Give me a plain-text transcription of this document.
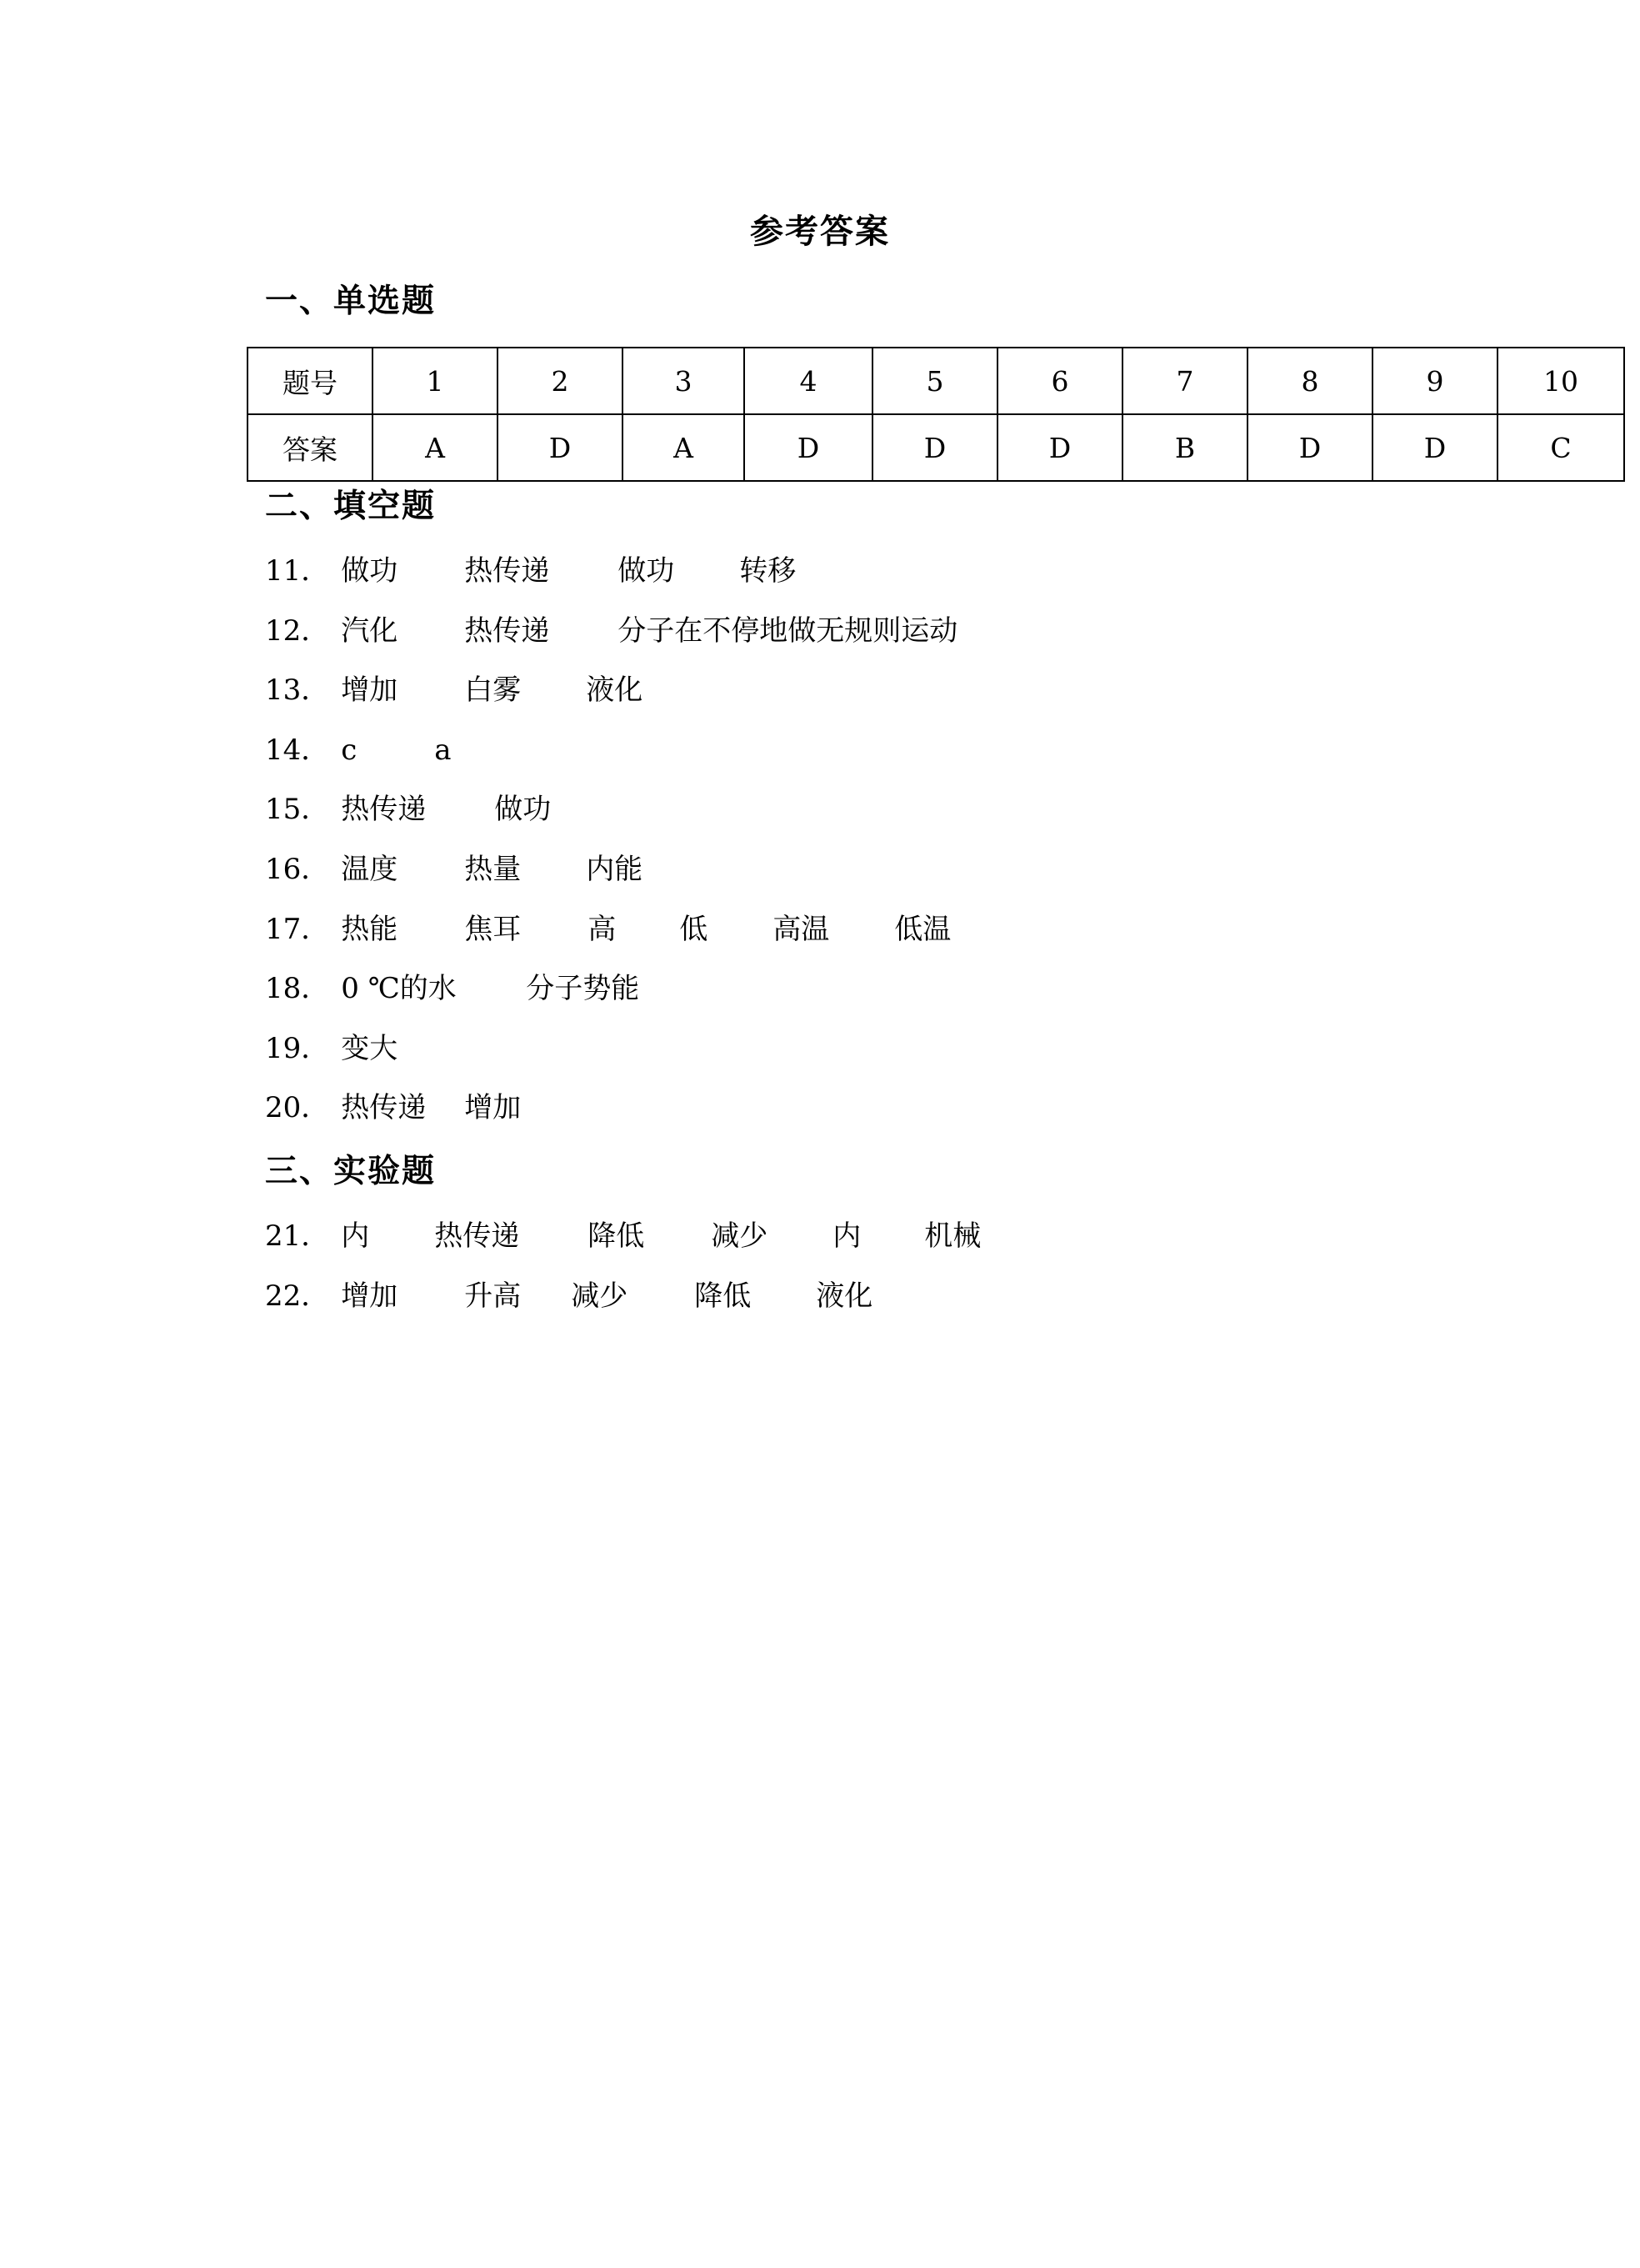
参考答案
一、单选题
题号	1	2	3	4	5	6	7	8	9	10
答案	A	D	A	D	D	D	B	D	D	C
二、填空题
11． 做功 热传递 做功 转移
12． 汽化 热传递 分子在不停地做无规则运动
13． 增加 白雾 液化
14． c	a
15． 热传递 做功
16． 温度 热量 内能
17． 热能 焦耳 高 低 高温 低温
18． 0 ℃的水 分子势能
19． 变大
20． 热传递 增加
三、实验题
21． 内 热传递 降低 减少 内 机械
22． 增加 升高 减少 降低 液化
